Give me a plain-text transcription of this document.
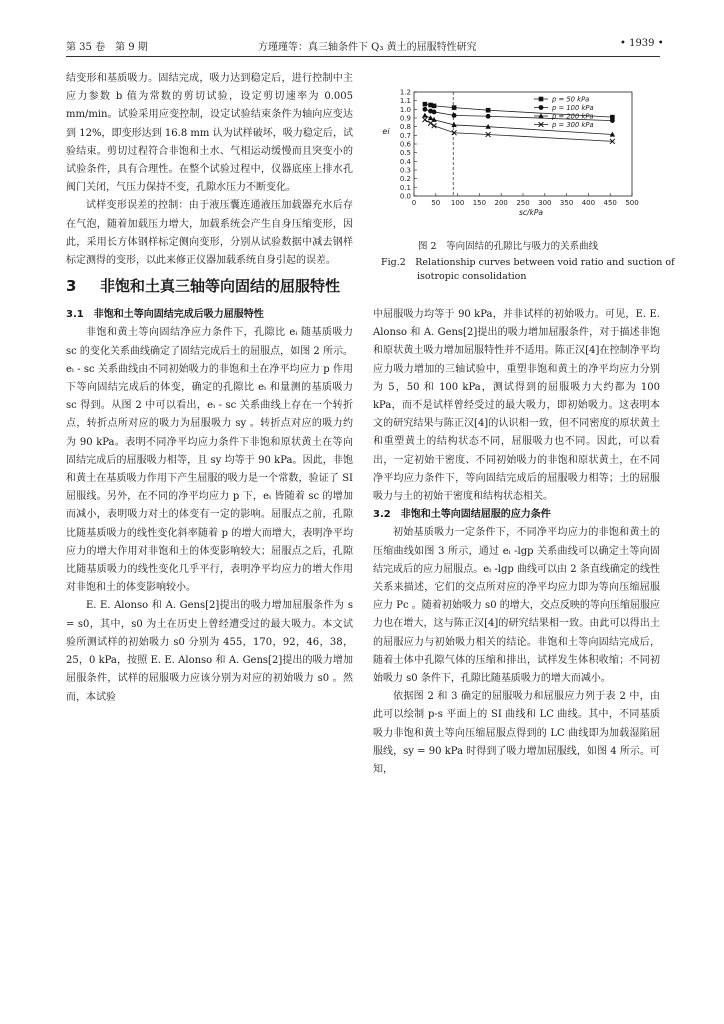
第 35 卷　第 9 期	方瑾瑾等：真三轴条件下 Q₃ 黄土的屈服特性研究	• 1939 •

结变形和基质吸力。固结完成，吸力达到稳定后，进行控制中主应力参数 b 值为常数的剪切试验，设定剪切速率为 0.005 mm/min。试验采用应变控制，设定试验结束条件为轴向应变达到 12%，即变形达到 16.8 mm 认为试样破坏，吸力稳定后，试验结束。剪切过程符合非饱和土水、气相运动缓慢而且突变小的试验条件，具有合理性。在整个试验过程中，仪器底座上排水孔阀门关闭，气压力保持不变，孔隙水压力不断变化。

试样变形误差的控制：由于液压囊连通液压加载器充水后存在气泡，随着加载压力增大，加载系统会产生自身压缩变形，因此，采用长方体钢样标定侧向变形，分别从试验数据中减去钢样标定测得的变形，以此来修正仪器加载系统自身引起的误差。

3	非饱和土真三轴等向固结的屈服特性
3.1  非饱和土等向固结完成后吸力屈服特性

非饱和黄土等向固结净应力条件下，孔隙比 eᵢ 随基质吸力 sc 的变化关系曲线确定了固结完成后土的屈服点，如图 2 所示。eᵢ - sc 关系曲线由不同初始吸力的非饱和土在净平均应力 p 作用下等向固结完成后的体变，确定的孔隙比 eᵢ 和量测的基质吸力 sc 得到。从图 2 中可以看出，eᵢ - sc 关系曲线上存在一个转折点，转折点所对应的吸力为屈服吸力 sy 。转折点对应的吸力约为 90 kPa。表明不同净平均应力条件下非饱和原状黄土在等向固结完成后的屈服吸力相等，且 sy 均等于 90 kPa。因此，非饱和黄土在基质吸力作用下产生屈服的吸力是一个常数，验证了 SI 屈服线。另外，在不同的净平均应力 p 下，eᵢ 皆随着 sc 的增加而减小，表明吸力对土的体变有一定的影响。屈服点之前，孔隙比随基质吸力的线性变化斜率随着 p 的增大而增大，表明净平均应力的增大作用对非饱和土的体变影响较大；屈服点之后，孔隙比随基质吸力的线性变化几乎平行，表明净平均应力的增大作用对非饱和土的体变影响较小。

E. E. Alonso 和 A. Gens[2]提出的吸力增加屈服条件为 s = s0，其中，s0 为土在历史上曾经遭受过的最大吸力。本文试验所测试样的初始吸力 s0 分别为 455，170，92，46，38，25，0 kPa，按照 E. E. Alonso 和 A. Gens[2]提出的吸力增加屈服条件，试样的屈服吸力应该分别为对应的初始吸力 s0 。然而，本试验

0 50 100 150 200 250 300 350 400 450 500
0.0
0.1
0.2
0.3
0.4
0.5
0.6
0.7
0.8
0.9
1.0
1.1
1.2
sc/kPa
ei
p = 50 kPa
p = 100 kPa
p = 200 kPa
p = 300 kPa
图 2　等向固结的孔隙比与吸力的关系曲线
Fig.2   Relationship curves between void ratio and suction of
isotropic consolidation

中屈服吸力均等于 90 kPa，并非试样的初始吸力。可见，E. E. Alonso 和 A. Gens[2]提出的吸力增加屈服条件，对于描述非饱和原状黄土吸力增加屈服特性并不适用。陈正汉[4]在控制净平均应力吸力增加的三轴试验中，重塑非饱和黄土的净平均应力分别为 5，50 和 100 kPa，测试得到的屈服吸力大约都为 100 kPa，而不是试样曾经受过的最大吸力，即初始吸力。这表明本文的研究结果与陈正汉[4]的认识相一致，但不同密度的原状黄土和重塑黄土的结构状态不同，屈服吸力也不同。因此，可以看出，一定初始干密度、不同初始吸力的非饱和原状黄土，在不同净平均应力条件下，等向固结完成后的屈服吸力相等；土的屈服吸力与土的初始干密度和结构状态相关。

3.2  非饱和土等向固结屈服的应力条件

初始基质吸力一定条件下，不同净平均应力的非饱和黄土的压缩曲线如图 3 所示，通过 eᵢ -lgp 关系曲线可以确定土等向固结完成后的应力屈服点。eᵢ -lgp 曲线可以由 2 条直线确定的线性关系来描述，它们的交点所对应的净平均应力即为等向压缩屈服应力 Pc 。随着初始吸力 s0 的增大，交点反映的等向压缩屈服应力也在增大，这与陈正汉[4]的研究结果相一致。由此可以得出土的屈服应力与初始吸力相关的结论。非饱和土等向固结完成后，随着土体中孔隙气体的压缩和排出，试样发生体积收缩；不同初始吸力 s0 条件下，孔隙比随基质吸力的增大而减小。

依据图 2 和 3 确定的屈服吸力和屈服应力列于表 2 中，由此可以绘制 p-s 平面上的 SI 曲线和 LC 曲线。其中，不同基质吸力非饱和黄土等向压缩屈服点得到的 LC 曲线即为加载湿陷屈服线，sy = 90 kPa 时得到了吸力增加屈服线，如图 4 所示。可知，
